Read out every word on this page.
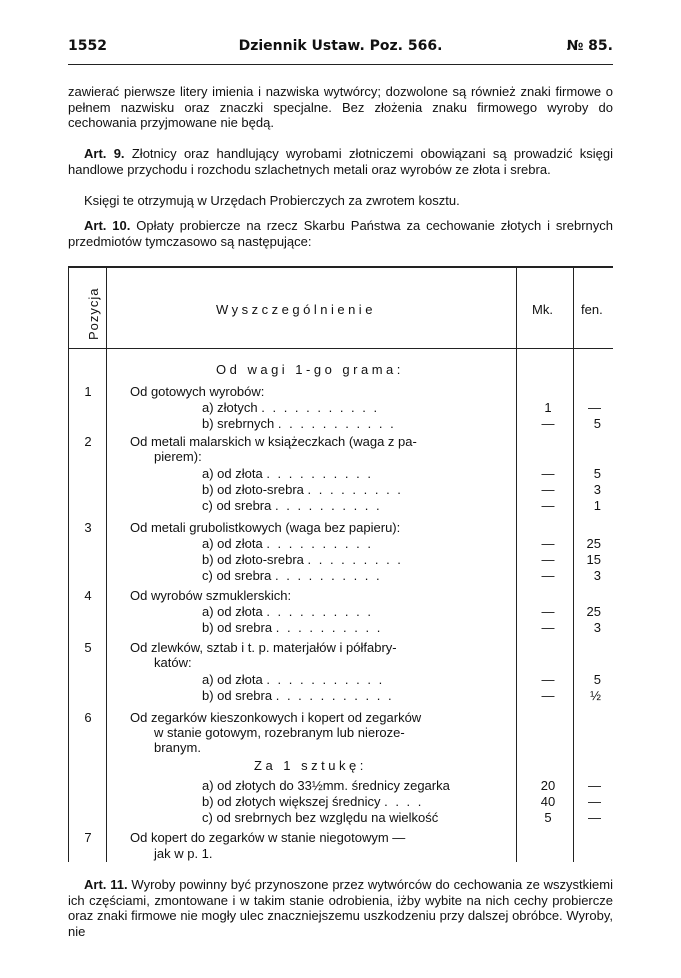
1552	Dziennik Ustaw. Poz. 566.	№ 85.
zawierać pierwsze litery imienia i nazwiska wytwórcy; dozwolone są również znaki firmowe o pełnem nazwisku oraz znaczki specjalne. Bez złożenia znaku firmowego wyroby do cechowania przyjmowane nie będą.
Art. 9. Złotnicy oraz handlujący wyrobami złotniczemi obowiązani są prowadzić księgi handlowe przychodu i rozchodu szlachetnych metali oraz wyrobów ze złota i srebra.
Księgi te otrzymują w Urzędach Probierczych za zwrotem kosztu.
Art. 10. Opłaty probiercze na rzecz Skarbu Państwa za cechowanie złotych i srebrnych przedmiotów tymczasowo są następujące:
Pozycja	Wyszczególnienie	Mk. fen.
Od wagi 1-go grama:
1	Od gotowych wyrobów:
a) złotych . . . . . . . . . . .	1	—
b) srebrnych . . . . . . . . . . .	—	5
2	Od metali malarskich w książeczkach (waga z pa-
pierem):
a) od złota . . . . . . . . . .	—	5
b) od złoto-srebra . . . . . . . . .	—	3
c) od srebra . . . . . . . . . .	—	1
3	Od metali grubolistkowych (waga bez papieru):
a) od złota . . . . . . . . . .	—	25
b) od złoto-srebra . . . . . . . . .	—	15
c) od srebra . . . . . . . . . .	—	3
4	Od wyrobów szmuklerskich:
a) od złota . . . . . . . . . .	—	25
b) od srebra . . . . . . . . . .	—	3
5	Od zlewków, sztab i t. p. materjałów i półfabry-
katów:
a) od złota . . . . . . . . . . .	—	5
b) od srebra . . . . . . . . . . .	—	½
6	Od zegarków kieszonkowych i kopert od zegarków
w stanie gotowym, rozebranym lub nieroze-
branym.
Za 1 sztukę:
a) od złotych do 33½mm. średnicy zegarka	20	—
b) od złotych większej średnicy . . . .	40	—
c) od srebrnych bez względu na wielkość	5	—
7	Od kopert do zegarków w stanie niegotowym —
jak w p. 1.
Art. 11. Wyroby powinny być przynoszone przez wytwórców do cechowania ze wszystkiemi ich częściami, zmontowane i w takim stanie odrobienia, iżby wybite na nich cechy probiercze oraz znaki firmowe nie mogły ulec znaczniejszemu uszkodzeniu przy dalszej obróbce. Wyroby, nie
